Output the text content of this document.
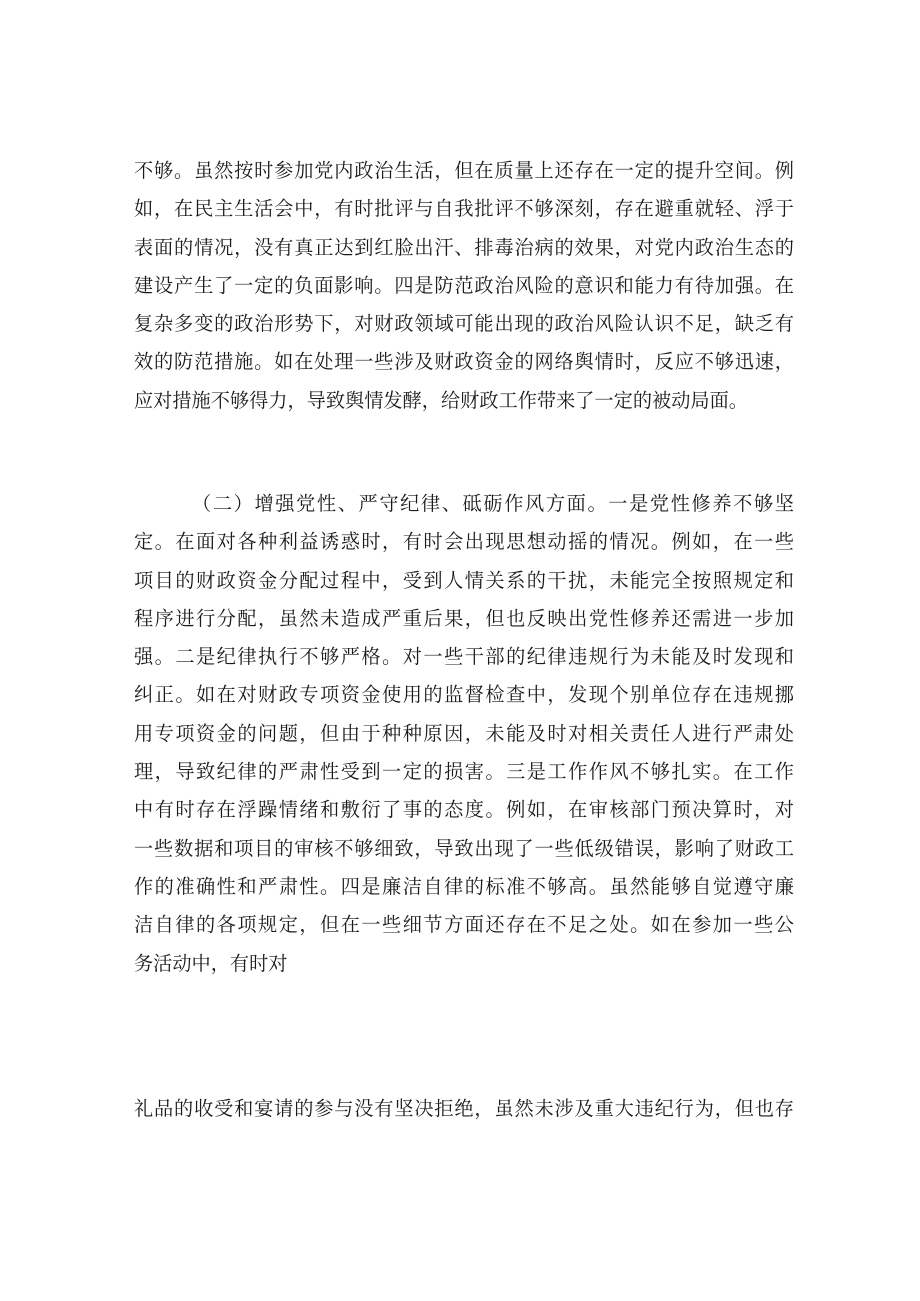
不够。虽然按时参加党内政治生活，但在质量上还存在一定的提升空间。例
如，在民主生活会中，有时批评与自我批评不够深刻，存在避重就轻、浮于
表面的情况，没有真正达到红脸出汗、排毒治病的效果，对党内政治生态的
建设产生了一定的负面影响。四是防范政治风险的意识和能力有待加强。在
复杂多变的政治形势下，对财政领域可能出现的政治风险认识不足，缺乏有
效的防范措施。如在处理一些涉及财政资金的网络舆情时，反应不够迅速，
应对措施不够得力，导致舆情发酵，给财政工作带来了一定的被动局面。
（二）增强党性、严守纪律、砥砺作风方面。一是党性修养不够坚
定。在面对各种利益诱惑时，有时会出现思想动摇的情况。例如，在一些
项目的财政资金分配过程中，受到人情关系的干扰，未能完全按照规定和
程序进行分配，虽然未造成严重后果，但也反映出党性修养还需进一步加
强。二是纪律执行不够严格。对一些干部的纪律违规行为未能及时发现和
纠正。如在对财政专项资金使用的监督检查中，发现个别单位存在违规挪
用专项资金的问题，但由于种种原因，未能及时对相关责任人进行严肃处
理，导致纪律的严肃性受到一定的损害。三是工作作风不够扎实。在工作
中有时存在浮躁情绪和敷衍了事的态度。例如，在审核部门预决算时，对
一些数据和项目的审核不够细致，导致出现了一些低级错误，影响了财政工
作的准确性和严肃性。四是廉洁自律的标准不够高。虽然能够自觉遵守廉
洁自律的各项规定，但在一些细节方面还存在不足之处。如在参加一些公
务活动中，有时对
礼品的收受和宴请的参与没有坚决拒绝，虽然未涉及重大违纪行为，但也存
